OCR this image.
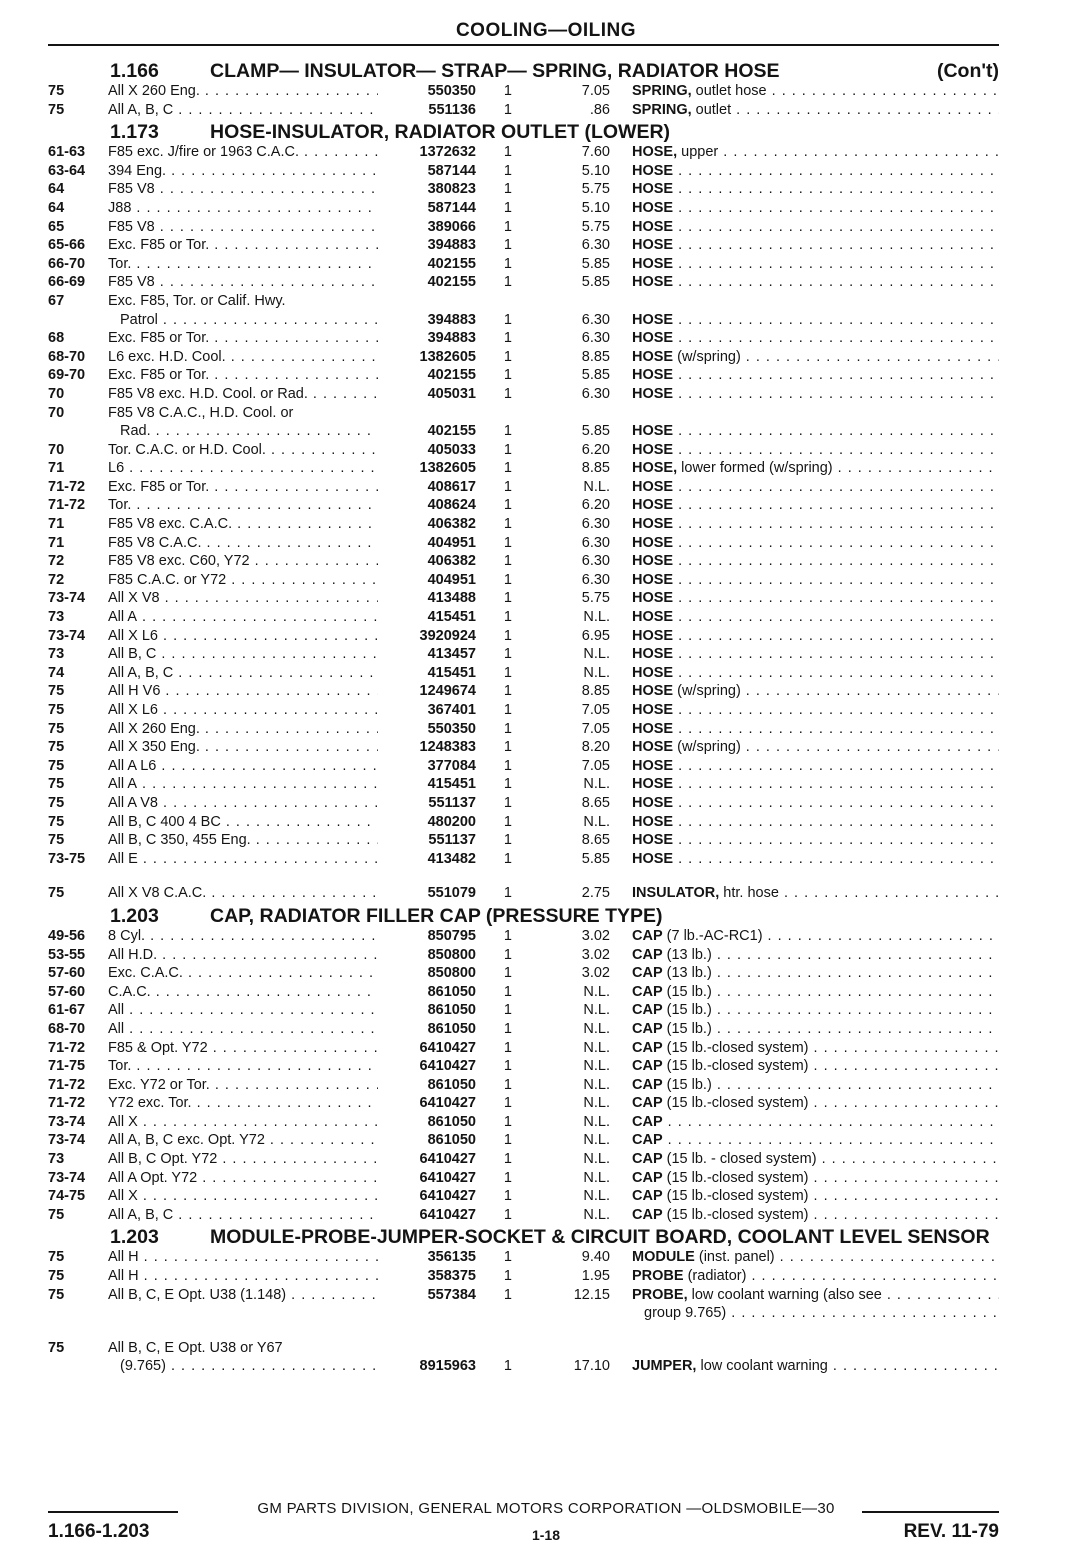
COOLING—OILING
1.166	CLAMP— INSULATOR— STRAP— SPRING, RADIATOR HOSE	(Con't)
75	All X 260 Eng. . . .	550350	1	7.05 SPRING, outlet hose . . .
75	All A, B, C . . .	551136	1	.86 SPRING, outlet . . .
1.173	HOSE-INSULATOR, RADIATOR OUTLET (LOWER)
61-63	F85 exc. J/fire or 1963 C.A.C. . . .	1372632	1	7.60 HOSE, upper . . .
63-64	394 Eng. . . .	587144	1	5.10 HOSE . . .
64	F85 V8 . . .	380823	1	5.75 HOSE . . .
64	J88 . . .	587144	1	5.10 HOSE . . .
65	F85 V8 . . .	389066	1	5.75 HOSE . . .
65-66	Exc. F85 or Tor. . . .	394883	1	6.30 HOSE . . .
66-70	Tor. . . .	402155	1	5.85 HOSE . . .
66-69	F85 V8 . . .	402155	1	5.85 HOSE . . .
67	Exc. F85, Tor. or Calif. Hwy.
Patrol . . .	394883	1	6.30 HOSE . . .
68	Exc. F85 or Tor. . . .	394883	1	6.30 HOSE . . .
68-70	L6 exc. H.D. Cool. . . .	1382605	1	8.85 HOSE (w/spring) . . .
69-70	Exc. F85 or Tor. . . .	402155	1	5.85 HOSE . . .
70	F85 V8 exc. H.D. Cool. or Rad. . . .	405031	1	6.30 HOSE . . .
70	F85 V8 C.A.C., H.D. Cool. or
Rad. . . .	402155	1	5.85 HOSE . . .
70	Tor. C.A.C. or H.D. Cool. . . .	405033	1	6.20 HOSE . . .
71	L6 . . .	1382605	1	8.85 HOSE, lower formed (w/spring) . . .
71-72	Exc. F85 or Tor. . . .	408617	1	N.L. HOSE . . .
71-72	Tor. . . .	408624	1	6.20 HOSE . . .
71	F85 V8 exc. C.A.C. . . .	406382	1	6.30 HOSE . . .
71	F85 V8 C.A.C. . . .	404951	1	6.30 HOSE . . .
72	F85 V8 exc. C60, Y72 . . .	406382	1	6.30 HOSE . . .
72	F85 C.A.C. or Y72 . . .	404951	1	6.30 HOSE . . .
73-74	All X V8 . . .	413488	1	5.75 HOSE . . .
73	All A . . .	415451	1	N.L. HOSE . . .
73-74	All X L6 . . .	3920924	1	6.95 HOSE . . .
73	All B, C . . .	413457	1	N.L. HOSE . . .
74	All A, B, C . . .	415451	1	N.L. HOSE . . .
75	All H V6 . . .	1249674	1	8.85 HOSE (w/spring) . . .
75	All X L6 . . .	367401	1	7.05 HOSE . . .
75	All X 260 Eng. . . .	550350	1	7.05 HOSE . . .
75	All X 350 Eng. . . .	1248383	1	8.20 HOSE (w/spring) . . .
75	All A L6 . . .	377084	1	7.05 HOSE . . .
75	All A . . .	415451	1	N.L. HOSE . . .
75	All A V8 . . .	551137	1	8.65 HOSE . . .
75	All B, C 400 4 BC . . .	480200	1	N.L. HOSE . . .
75	All B, C 350, 455 Eng. . . .	551137	1	8.65 HOSE . . .
73-75	All E . . .	413482	1	5.85 HOSE . . .
75	All X V8 C.A.C. . . .	551079	1	2.75 INSULATOR, htr. hose . . .
1.203	CAP, RADIATOR FILLER CAP (PRESSURE TYPE)
49-56	8 Cyl. . . .	850795	1	3.02 CAP (7 lb.-AC-RC1) . . .
53-55	All H.D. . . .	850800	1	3.02 CAP (13 lb.) . . .
57-60	Exc. C.A.C. . . .	850800	1	3.02 CAP (13 lb.) . . .
57-60	C.A.C. . . .	861050	1	N.L. CAP (15 lb.) . . .
61-67	All . . .	861050	1	N.L. CAP (15 lb.) . . .
68-70	All . . .	861050	1	N.L. CAP (15 lb.) . . .
71-72	F85 & Opt. Y72 . . .	6410427	1	N.L. CAP (15 lb.-closed system) . . .
71-75	Tor. . . .	6410427	1	N.L. CAP (15 lb.-closed system) . . .
71-72	Exc. Y72 or Tor. . . .	861050	1	N.L. CAP (15 lb.) . . .
71-72	Y72 exc. Tor. . . .	6410427	1	N.L. CAP (15 lb.-closed system) . . .
73-74	All X . . .	861050	1	N.L. CAP . . .
73-74	All A, B, C exc. Opt. Y72 . . .	861050	1	N.L. CAP . . .
73	All B, C Opt. Y72 . . .	6410427	1	N.L. CAP (15 lb. - closed system) . . .
73-74	All A Opt. Y72 . . .	6410427	1	N.L. CAP (15 lb.-closed system) . . .
74-75	All X . . .	6410427	1	N.L. CAP (15 lb.-closed system) . . .
75	All A, B, C . . .	6410427	1	N.L. CAP (15 lb.-closed system) . . .
1.203	MODULE-PROBE-JUMPER-SOCKET & CIRCUIT BOARD, COOLANT LEVEL SENSOR
75	All H . . .	356135	1	9.40 MODULE (inst. panel) . . .
75	All H . . .	358375	1	1.95 PROBE (radiator) . . .
75	All B, C, E Opt. U38 (1.148) . . .	557384	1	12.15 PROBE, low coolant warning (also see . . .
group 9.765) . . .
75	All B, C, E Opt. U38 or Y67
(9.765) . . .	8915963	1	17.10 JUMPER, low coolant warning . . .
GM PARTS DIVISION, GENERAL MOTORS CORPORATION —OLDSMOBILE—30
1.166-1.203	1-18	REV. 11-79
